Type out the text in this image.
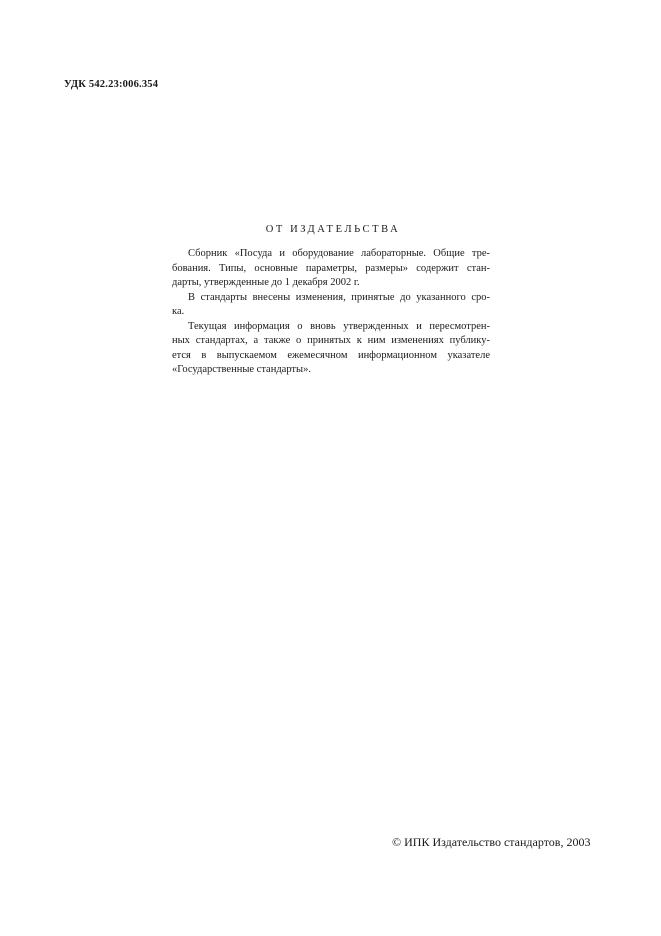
УДК 542.23:006.354
ОТ ИЗДАТЕЛЬСТВА

Сборник «Посуда и оборудование лабораторные. Общие тре-
бования. Типы, основные параметры, размеры» содержит стан-
дарты, утвержденные до 1 декабря 2002 г.

В стандарты внесены изменения, принятые до указанного сро-
ка.

Текущая информация о вновь утвержденных и пересмотрен-
ных стандартах, а также о принятых к ним изменениях публику-
ется в выпускаемом ежемесячном информационном указателе
«Государственные стандарты».

© ИПК Издательство стандартов, 2003
